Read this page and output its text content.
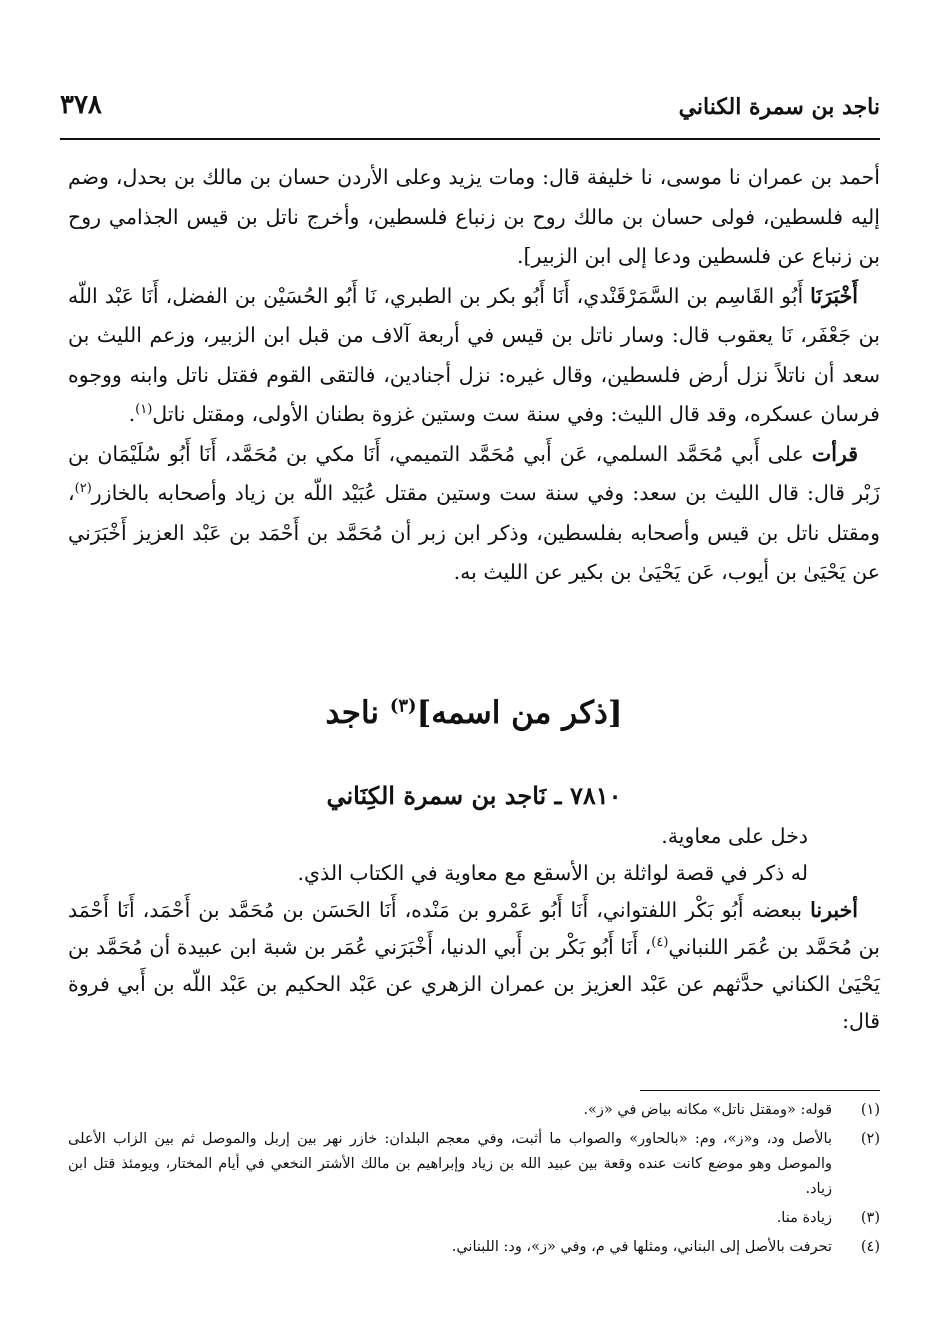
ناجد بن سمرة الكناني
٣٧٨

أحمد بن عمران نا موسى، نا خليفة قال: ومات يزيد وعلى الأردن حسان بن مالك بن بحدل، وضم إليه فلسطين، فولى حسان بن مالك روح بن زنباع فلسطين، وأخرج ناتل بن قيس الجذامي روح بن زنباع عن فلسطين ودعا إلى ابن الزبير].

أَخْبَرَنَا أَبُو القَاسِم بن السَّمَرْقَنْدي، أَنَا أَبُو بكر بن الطبري، نَا أَبُو الحُسَيْن بن الفضل، أَنَا عَبْد اللّه بن جَعْفَر، نَا يعقوب قال: وسار ناتل بن قيس في أربعة آلاف من قبل ابن الزبير، وزعم الليث بن سعد أن ناتلاً نزل أرض فلسطين، وقال غيره: نزل أجنادين، فالتقى القوم فقتل ناتل وابنه ووجوه فرسان عسكره، وقد قال الليث: وفي سنة ست وستين غزوة بطنان الأولى، ومقتل ناتل$^{(١)}$.

قرأت على أَبي مُحَمَّد السلمي، عَن أَبي مُحَمَّد التميمي، أَنَا مكي بن مُحَمَّد، أَنَا أَبُو سُلَيْمَان بن زَبْر قال: قال الليث بن سعد: وفي سنة ست وستين مقتل عُبَيْد اللّه بن زياد وأصحابه بالخازر$^{(٢)}$، ومقتل ناتل بن قيس وأصحابه بفلسطين، وذكر ابن زبر أن مُحَمَّد بن أَحْمَد بن عَبْد العزيز أَخْبَرَني عن يَحْيَىٰ بن أيوب، عَن يَحْيَىٰ بن بكير عن الليث به.

[ذكر من اسمه]$^{(٣)}$ ناجد
٧٨١٠ ـ نَاجد بن سمرة الكِنَاني

دخل على معاوية.

له ذكر في قصة لواثلة بن الأسقع مع معاوية في الكتاب الذي.

أخبرنا ببعضه أَبُو بَكْر اللفتواني، أَنَا أَبُو عَمْرو بن مَنْده، أَنَا الحَسَن بن مُحَمَّد بن أَحْمَد، أَنَا أَحْمَد بن مُحَمَّد بن عُمَر اللنباني$^{(٤)}$، أَنَا أَبُو بَكْر بن أَبي الدنيا، أَخْبَرَني عُمَر بن شبة ابن عبيدة أن مُحَمَّد بن يَحْيَىٰ الكناني حدَّثهم عن عَبْد العزيز بن عمران الزهري عن عَبْد الحكيم بن عَبْد اللّه بن أَبي فروة قال:

(١)
قوله: «ومقتل ناتل» مكانه بياض في «ز».
(٢)
بالأصل ود، و«ز»، وم: «بالحاور» والصواب ما أثبت، وفي معجم البلدان: خازر نهر بين إربل والموصل ثم بين الزاب الأعلى والموصل وهو موضع كانت عنده وقعة بين عبيد الله بن زياد وإبراهيم بن مالك الأشتر النخعي في أيام المختار، ويومئذ قتل ابن زياد.
(٣)
زيادة منا.
(٤)
تحرفت بالأصل إلى البناني، ومثلها في م، وفي «ز»، ود: اللبناني.
